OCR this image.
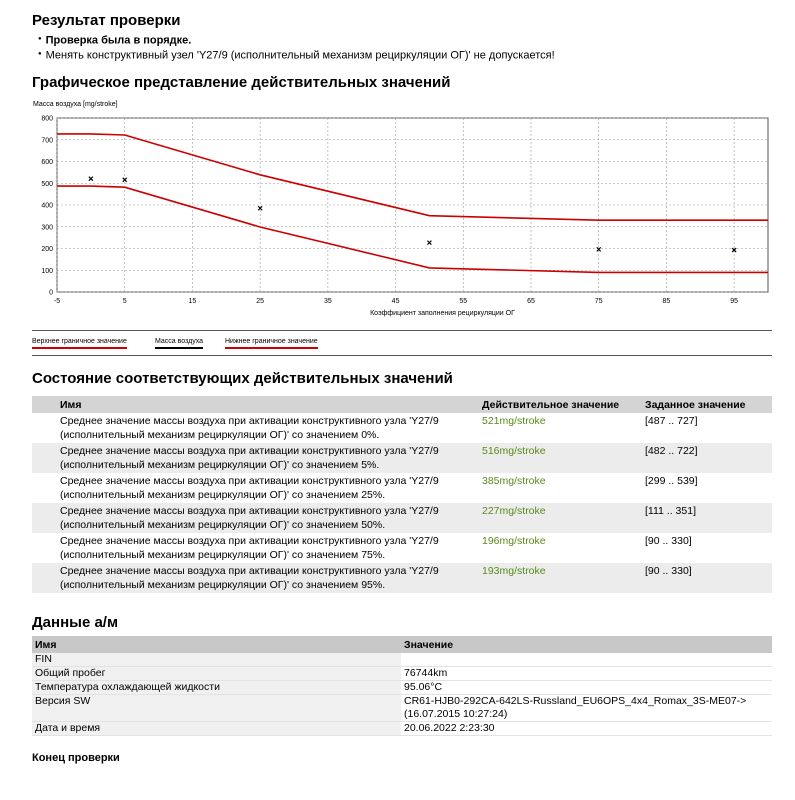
Результат проверки
● Проверка была в порядке.
● Менять конструктивный узел 'Y27/9 (исполнительный механизм рециркуляции ОГ)' не допускается!
Графическое представление действительных значений
-5	5	15	25	35	45	55	65	75	85	95
0
100
200
300
400
500
600
700
800
Масса воздуха [mg/stroke]
Коэффициент заполнения рециркуляции ОГ
Верхнее граничное значение	Масса воздуха	Нижнее граничное значение
Состояние соответствующих действительных значений
Имя	Действительное значение	Заданное значение
Среднее значение массы воздуха при активации конструктивного узла 'Y27/9 (исполнительный механизм рециркуляции ОГ)' со значением 0%.	521mg/stroke	[487 .. 727]
Среднее значение массы воздуха при активации конструктивного узла 'Y27/9 (исполнительный механизм рециркуляции ОГ)' со значением 5%.	516mg/stroke	[482 .. 722]
Среднее значение массы воздуха при активации конструктивного узла 'Y27/9 (исполнительный механизм рециркуляции ОГ)' со значением 25%.	385mg/stroke	[299 .. 539]
Среднее значение массы воздуха при активации конструктивного узла 'Y27/9 (исполнительный механизм рециркуляции ОГ)' со значением 50%.	227mg/stroke	[111 .. 351]
Среднее значение массы воздуха при активации конструктивного узла 'Y27/9 (исполнительный механизм рециркуляции ОГ)' со значением 75%.	196mg/stroke	[90 .. 330]
Среднее значение массы воздуха при активации конструктивного узла 'Y27/9 (исполнительный механизм рециркуляции ОГ)' со значением 95%.	193mg/stroke	[90 .. 330]
Данные а/м
Имя	Значение
FIN	
Общий пробег	76744km
Температура охлаждающей жидкости	95.06°C
Версия SW	CR61-HJB0-292CA-642LS-Russland_EU6OPS_4x4_Romax_3S-ME07-> (16.07.2015 10:27:24)
Дата и время	20.06.2022 2:23:30
Конец проверки
